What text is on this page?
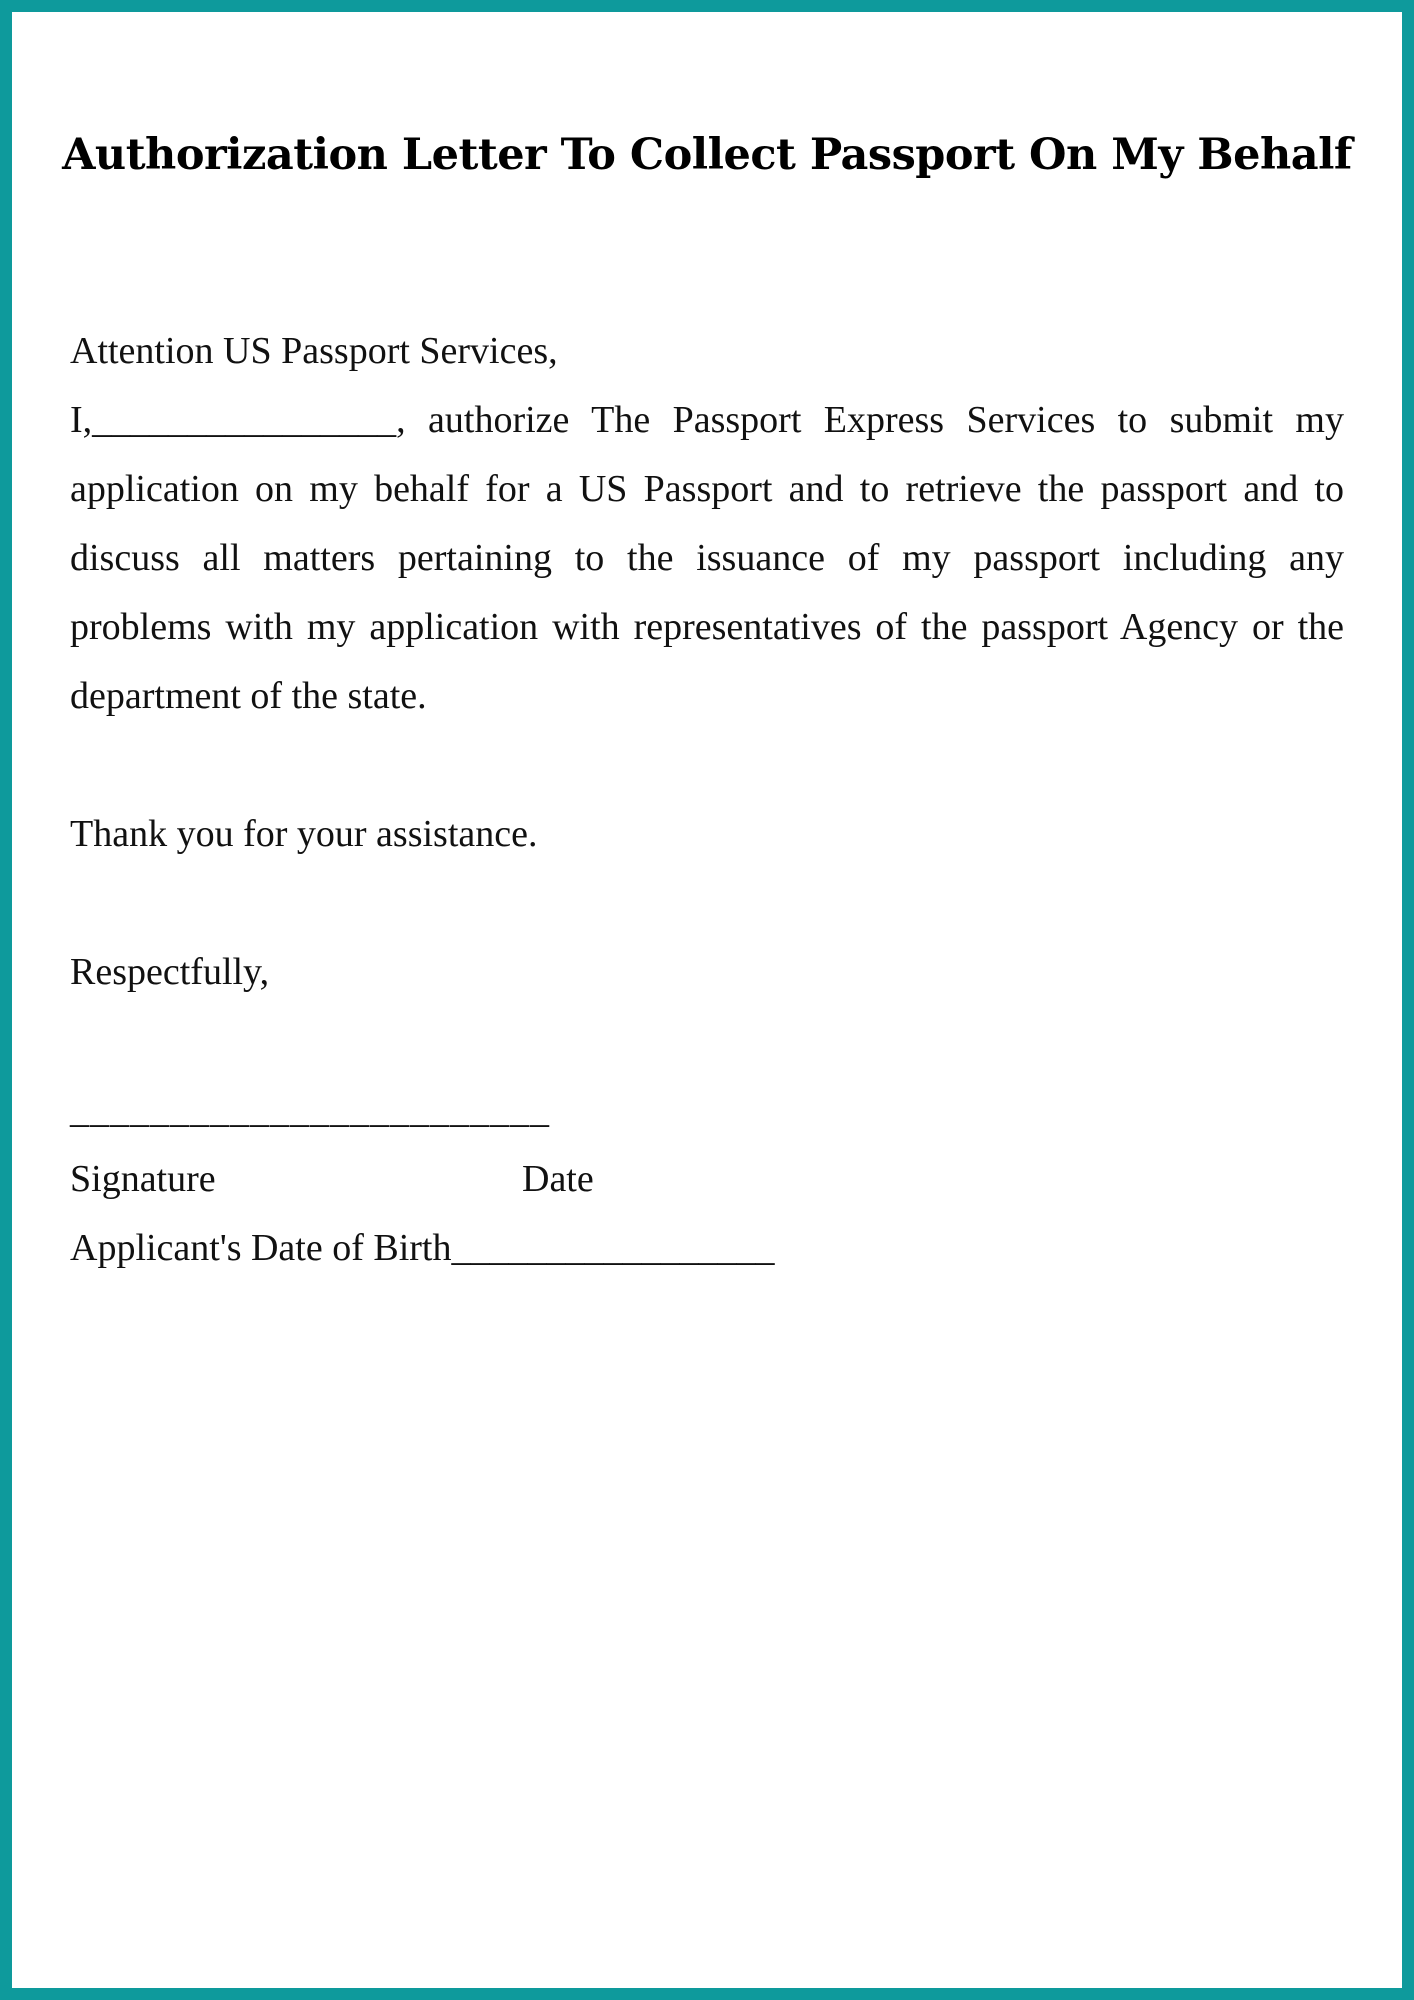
Authorization Letter To Collect Passport On My Behalf

Attention US Passport Services,

I,________________, authorize The Passport Express Services to submit my application on my behalf for a US Passport and to retrieve the passport and to discuss all matters pertaining to the issuance of my passport including any problems with my application with representatives of the passport Agency or the department of the state.

Thank you for your assistance.

Respectfully,

________________________

Signature	Date

Applicant's Date of Birth_________________
